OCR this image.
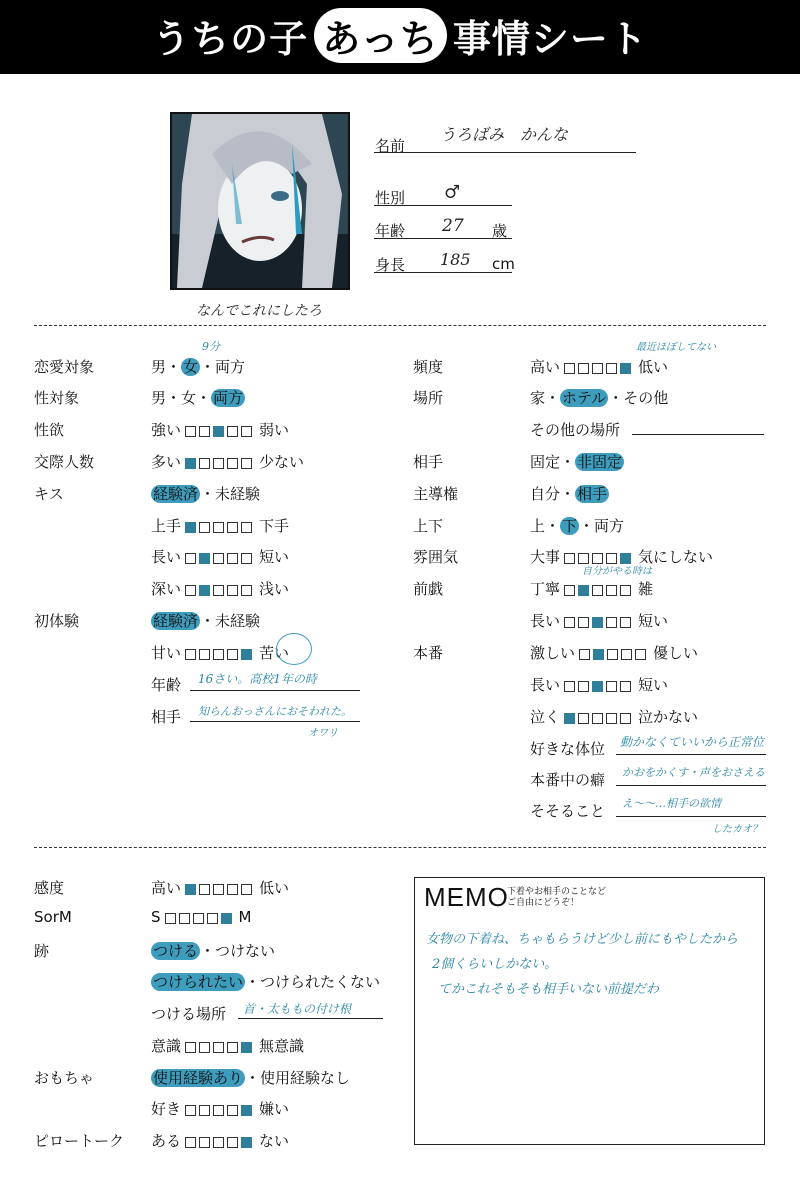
うちの子 あっち 事情シート
なんでこれにしたろ
名前
うろばみ　かんな
性別 ♂
年齢 27 歳
身長 185 cm
恋愛対象	男・ 女 ・両方
9分
性対象	男・女・ 両方
性欲	強い	弱い
交際人数	多い	少ない
キス	経験済 ・未経験
上手	下手
長い	短い
深い	浅い
初体験	経験済 ・未経験
甘い	苦い
年齢 16さい。高校1年の時
相手 知らんおっさんにおそわれた。
オワリ
頻度	高い	低い
最近ほぼしてない
場所	家・ ホテル ・その他
その他の場所
相手	固定・ 非固定
主導権	自分・ 相手
上下	上・ 下 ・両方
雰囲気	大事	気にしない
前戯	丁寧	雑
自分がやる時は
長い	短い
本番	激しい	優しい
長い	短い
泣く	泣かない
好きな体位 動かなくていいから正常位
本番中の癖 かおをかくす・声をおさえる
そそること え〜〜…相手の欲情
したカオ？
感度	高い	低い
SorM	S	M
跡	つける ・つけない
つけられたい ・つけられたくない
つける場所 首・太ももの付け根
意識	無意識
おもちゃ	使用経験あり ・使用経験なし
好き	嫌い
ピロートーク ある	ない
MEMO
下着やお相手のことなど
ご自由にどうぞ！
女物の下着ね、ちゃもらうけど少し前にもやしたから
2個くらいしかない。
てかこれそもそも相手いない前提だわ
